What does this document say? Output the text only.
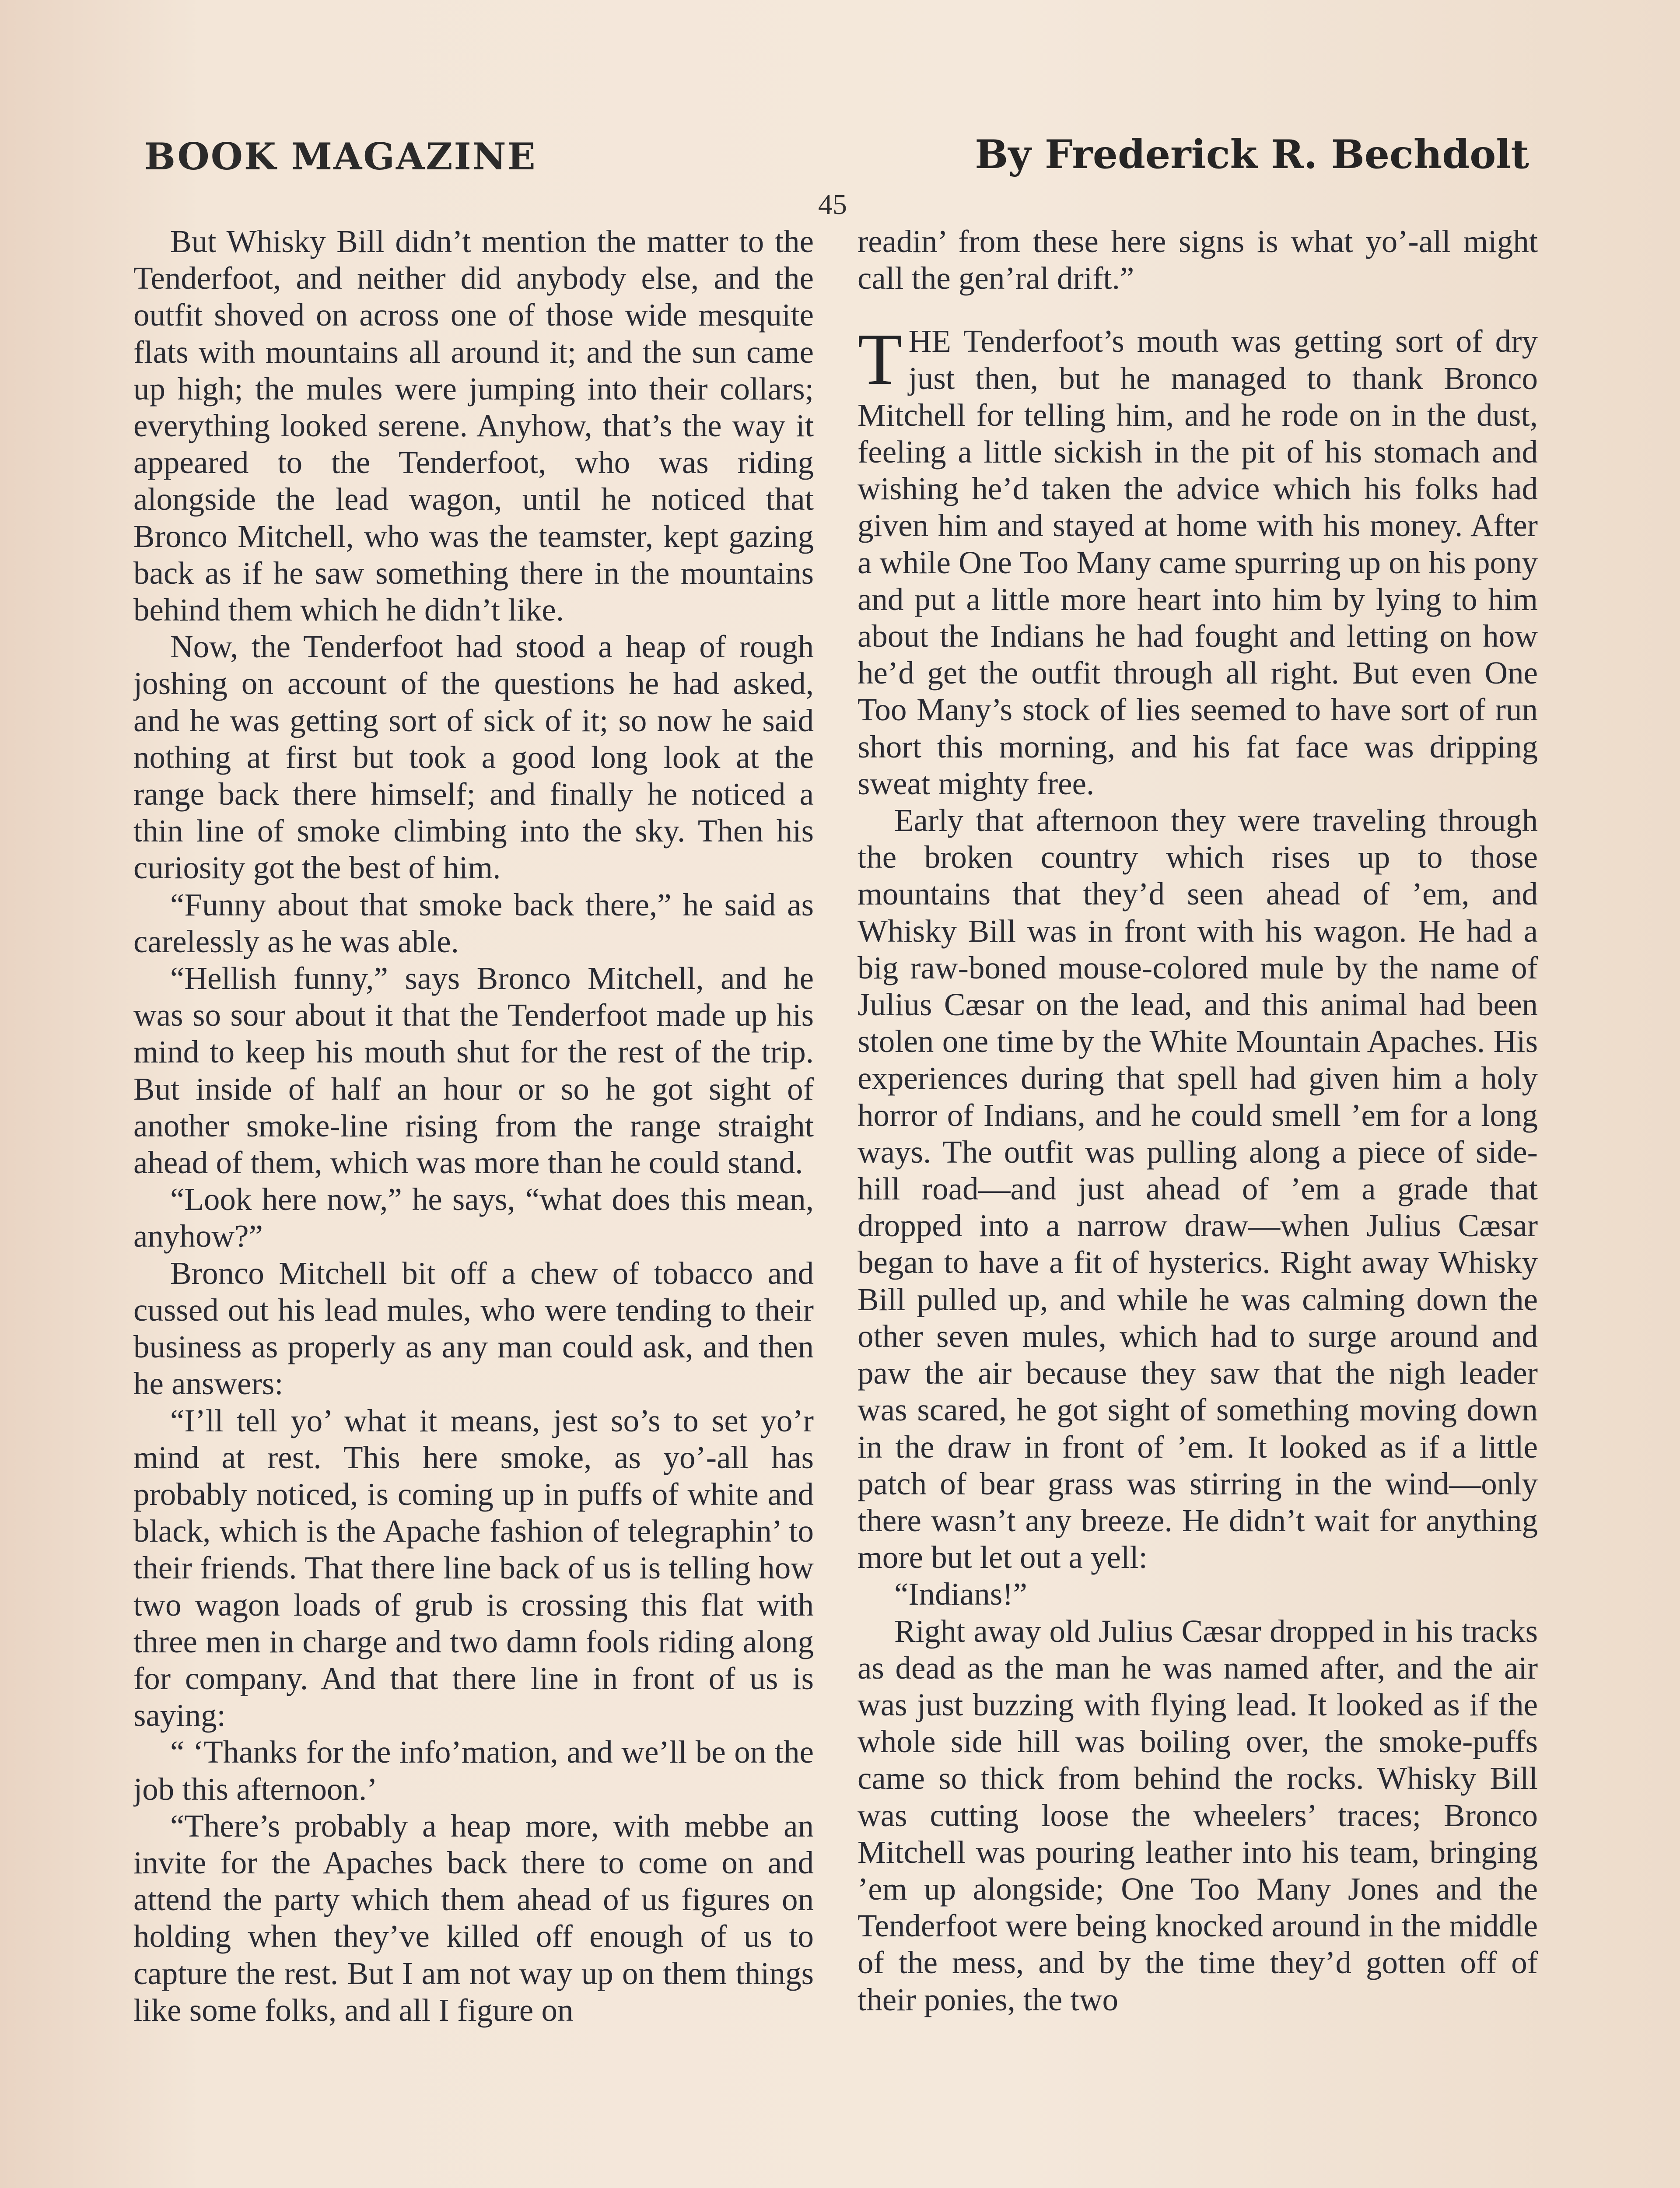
BOOK MAGAZINE	By Frederick R. Bechdolt
45

But Whisky Bill didn’t mention the matter to the Tenderfoot, and neither did anybody else, and the outfit shoved on across one of those wide mesquite flats with mountains all around it; and the sun came up high; the mules were jumping into their collars; everything looked serene. Anyhow, that’s the way it appeared to the Tenderfoot, who was riding alongside the lead wagon, until he noticed that Bronco Mitchell, who was the teamster, kept gazing back as if he saw something there in the mountains behind them which he didn’t like.

Now, the Tenderfoot had stood a heap of rough joshing on account of the questions he had asked, and he was getting sort of sick of it; so now he said nothing at first but took a good long look at the range back there himself; and finally he noticed a thin line of smoke climbing into the sky. Then his curiosity got the best of him.

“Funny about that smoke back there,” he said as carelessly as he was able.

“Hellish funny,” says Bronco Mitchell, and he was so sour about it that the Tenderfoot made up his mind to keep his mouth shut for the rest of the trip. But inside of half an hour or so he got sight of another smoke-line rising from the range straight ahead of them, which was more than he could stand.

“Look here now,” he says, “what does this mean, anyhow?”

Bronco Mitchell bit off a chew of tobacco and cussed out his lead mules, who were tending to their business as properly as any man could ask, and then he answers:

“I’ll tell yo’ what it means, jest so’s to set yo’r mind at rest. This here smoke, as yo’-all has probably noticed, is coming up in puffs of white and black, which is the Apache fashion of telegraphin’ to their friends. That there line back of us is telling how two wagon loads of grub is crossing this flat with three men in charge and two damn fools riding along for company. And that there line in front of us is saying:

“ ‘Thanks for the info’mation, and we’ll be on the job this afternoon.’

“There’s probably a heap more, with mebbe an invite for the Apaches back there to come on and attend the party which them ahead of us figures on holding when they’ve killed off enough of us to capture the rest. But I am not way up on them things like some folks, and all I figure on

readin’ from these here signs is what yo’-all might call the gen’ral drift.”

THE Tenderfoot’s mouth was getting sort of dry just then, but he managed to thank Bronco Mitchell for telling him, and he rode on in the dust, feeling a little sickish in the pit of his stomach and wishing he’d taken the advice which his folks had given him and stayed at home with his money. After a while One Too Many came spurring up on his pony and put a little more heart into him by lying to him about the Indians he had fought and letting on how he’d get the outfit through all right. But even One Too Many’s stock of lies seemed to have sort of run short this morning, and his fat face was dripping sweat mighty free.

Early that afternoon they were traveling through the broken country which rises up to those mountains that they’d seen ahead of ’em, and Whisky Bill was in front with his wagon. He had a big raw-boned mouse-colored mule by the name of Julius Cæsar on the lead, and this animal had been stolen one time by the White Mountain Apaches. His experiences during that spell had given him a holy horror of Indians, and he could smell ’em for a long ways. The outfit was pulling along a piece of side-hill road—and just ahead of ’em a grade that dropped into a narrow draw—when Julius Cæsar began to have a fit of hysterics. Right away Whisky Bill pulled up, and while he was calming down the other seven mules, which had to surge around and paw the air because they saw that the nigh leader was scared, he got sight of something moving down in the draw in front of ’em. It looked as if a little patch of bear grass was stirring in the wind—only there wasn’t any breeze. He didn’t wait for anything more but let out a yell:

“Indians!”

Right away old Julius Cæsar dropped in his tracks as dead as the man he was named after, and the air was just buzzing with flying lead. It looked as if the whole side hill was boiling over, the smoke-puffs came so thick from behind the rocks. Whisky Bill was cutting loose the wheelers’ traces; Bronco Mitchell was pouring leather into his team, bringing ’em up alongside; One Too Many Jones and the Tenderfoot were being knocked around in the middle of the mess, and by the time they’d gotten off of their ponies, the two
